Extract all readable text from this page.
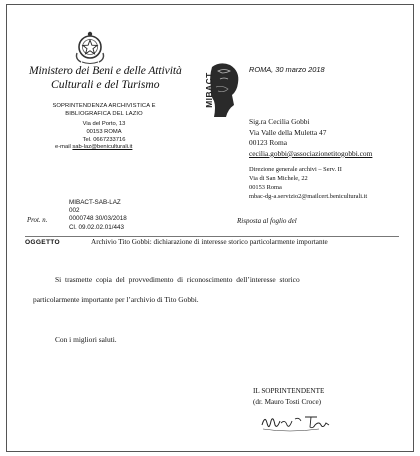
Ministero dei Beni e delle Attività
Culturali e del Turismo
SOPRINTENDENZA ARCHIVISTICA E
BIBLIOGRAFICA DEL LAZIO
Via del Porto, 13
00153 ROMA
Tel. 0667233716
e-mail sab-laz@beniculturali.it
MIBACT
ROMA, 30 marzo 2018
Sig.ra Cecilia Gobbi
Via Valle della Muletta 47
00123 Roma
cecilia.gobbi@associazionetitogobbi.com
Direzione generale archivi – Serv. II
Via di San Michele, 22
00153 Roma
mbac-dg-a.servizio2@mailcert.beniculturali.it
Prot. n.
MIBACT-SAB-LAZ
002
0000748 30/03/2018
Cl. 09.02.02.01/443
Risposta al foglio del
OGGETTO	Archivio Tito Gobbi: dichiarazione di interesse storico particolarmente importante
Si trasmette copia del provvedimento di riconoscimento dell’interesse storico
particolarmente importante per l’archivio di Tito Gobbi.
Con i migliori saluti.
IL SOPRINTENDENTE
(dr. Mauro Tosti Croce)
